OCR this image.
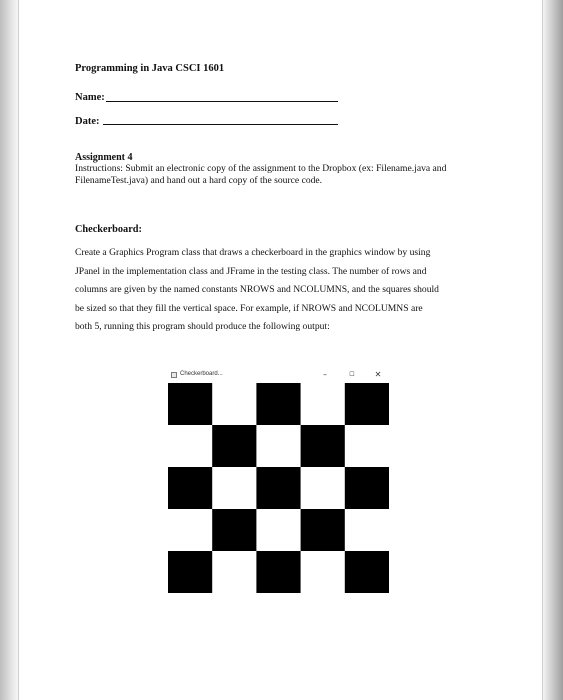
Programming in Java CSCI 1601
Name:
Date:
Assignment 4
Instructions: Submit an electronic copy of the assignment to the Dropbox (ex: Filename.java and FilenameTest.java) and hand out a hard copy of the source code.
Checkerboard:
Create a Graphics Program class that draws a checkerboard in the graphics window by using
JPanel in the implementation class and JFrame in the testing class. The number of rows and
columns are given by the named constants NROWS and NCOLUMNS, and the squares should
be sized so that they fill the vertical space. For example, if NROWS and NCOLUMNS are
both 5, running this program should produce the following output:
Checkerboard...	–	☐	✕
